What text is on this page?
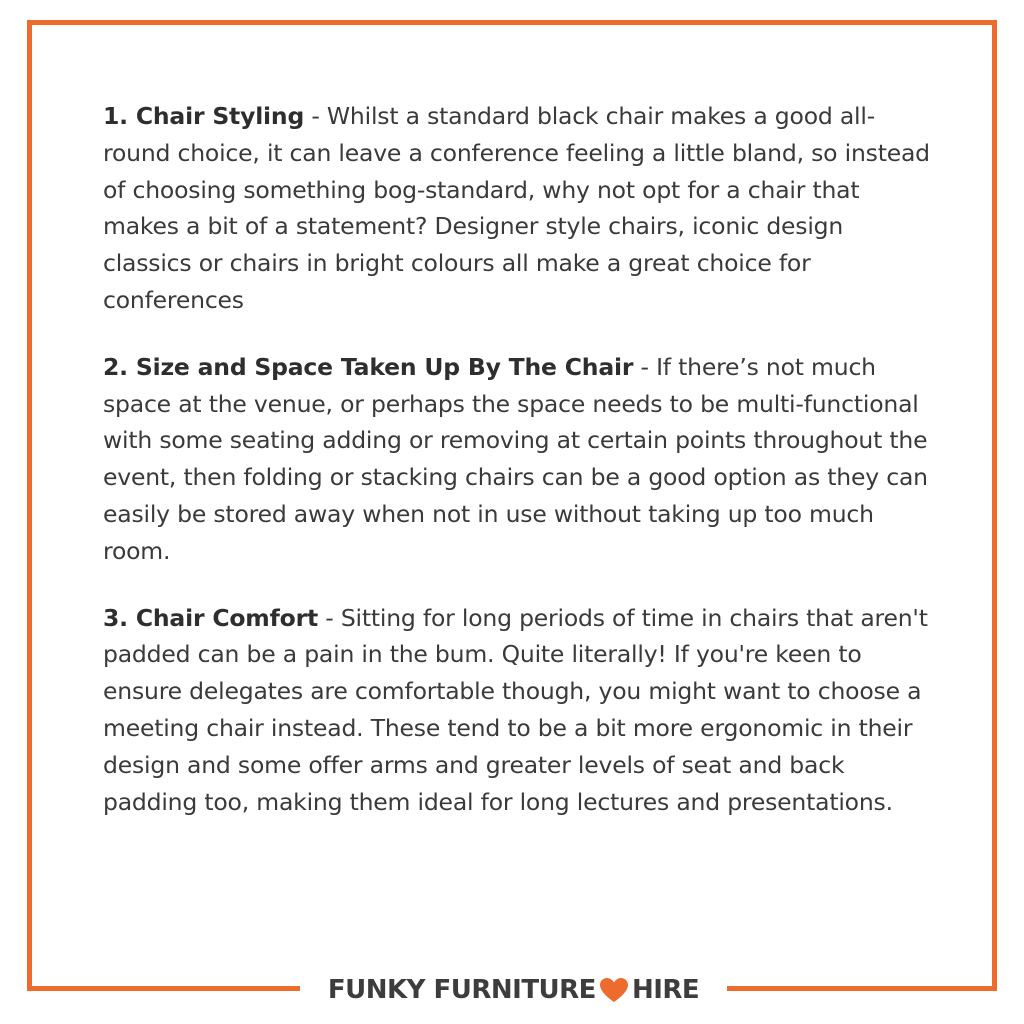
1. Chair Styling - Whilst a standard black chair makes a good all-round choice, it can leave a conference feeling a little bland, so instead of choosing something bog-standard, why not opt for a chair that makes a bit of a statement? Designer style chairs, iconic design classics or chairs in bright colours all make a great choice for conferences

2. Size and Space Taken Up By The Chair - If there’s not much space at the venue, or perhaps the space needs to be multi-functional with some seating adding or removing at certain points throughout the event, then folding or stacking chairs can be a good option as they can easily be stored away when not in use without taking up too much room.

3. Chair Comfort - Sitting for long periods of time in chairs that aren't padded can be a pain in the bum. Quite literally! If you're keen to ensure delegates are comfortable though, you might want to choose a meeting chair instead. These tend to be a bit more ergonomic in their design and some offer arms and greater levels of seat and back padding too, making them ideal for long lectures and presentations.

FUNKY FURNITURE HIRE
